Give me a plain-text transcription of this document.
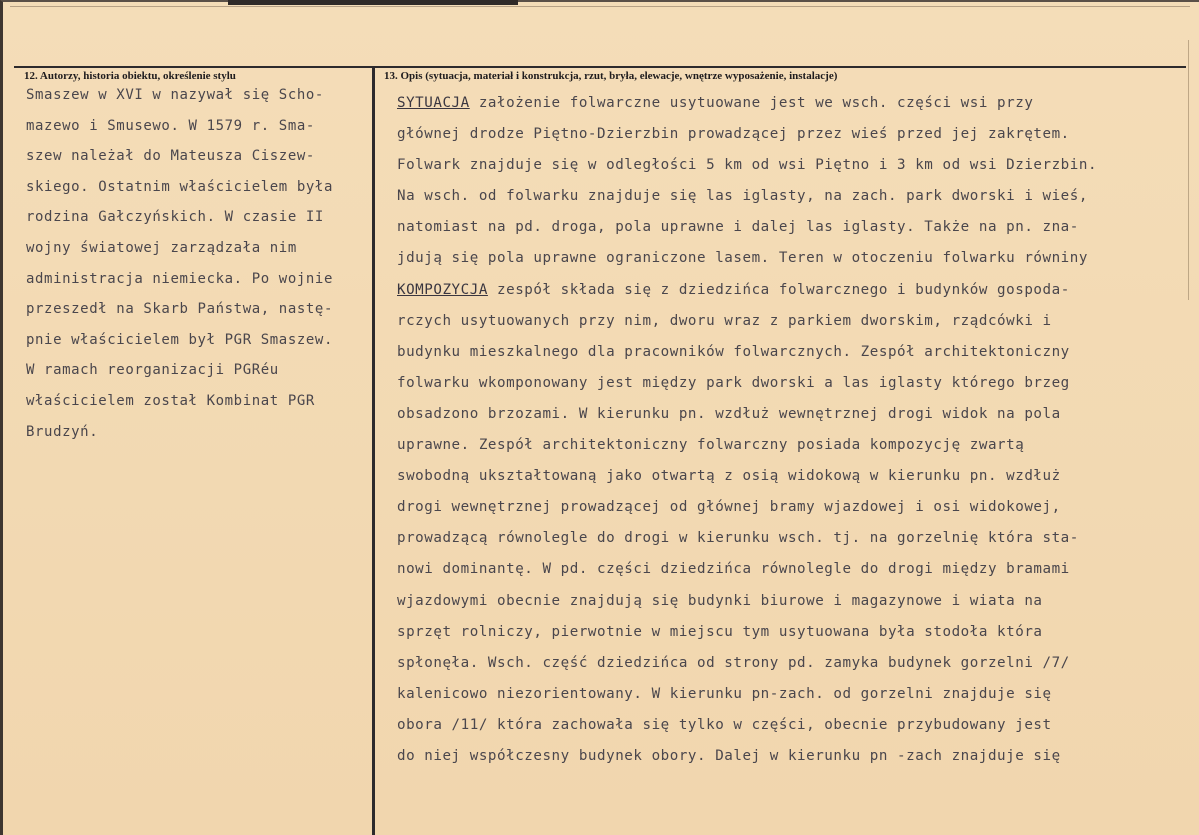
12. Autorzy, historia obiektu, określenie stylu	13. Opis (sytuacja, materiał i konstrukcja, rzut, bryła, elewacje, wnętrze wyposażenie, instalacje)
Smaszew w XVI w nazywał się Scho-
mazewo i Smusewo. W 1579 r. Sma-
szew należał do Mateusza Ciszew-
skiego. Ostatnim właścicielem była
rodzina Gałczyńskich. W czasie II
wojny światowej zarządzała nim
administracja niemiecka. Po wojnie
przeszedł na Skarb Państwa, nastę-
pnie właścicielem był PGR Smaszew.
W ramach reorganizacji PGRéu
właścicielem został Kombinat PGR
Brudzyń.
SYTUACJA założenie folwarczne usytuowane jest we wsch. części wsi przy
głównej drodze Piętno-Dzierzbin prowadzącej przez wieś przed jej zakrętem.
Folwark znajduje się w odległości 5 km od wsi Piętno i 3 km od wsi Dzierzbin.
Na wsch. od folwarku znajduje się las iglasty, na zach. park dworski i wieś,
natomiast na pd. droga, pola uprawne i dalej las iglasty. Także na pn. zna-
jdują się pola uprawne ograniczone lasem. Teren w otoczeniu folwarku równiny
KOMPOZYCJA zespół składa się z dziedzińca folwarcznego i budynków gospoda-
rczych usytuowanych przy nim, dworu wraz z parkiem dworskim, rządcówki i
budynku mieszkalnego dla pracowników folwarcznych. Zespół architektoniczny
folwarku wkomponowany jest między park dworski a las iglasty którego brzeg
obsadzono brzozami. W kierunku pn. wzdłuż wewnętrznej drogi widok na pola
uprawne. Zespół architektoniczny folwarczny posiada kompozycję zwartą
swobodną ukształtowaną jako otwartą z osią widokową w kierunku pn. wzdłuż
drogi wewnętrznej prowadzącej od głównej bramy wjazdowej i osi widokowej,
prowadzącą równolegle do drogi w kierunku wsch. tj. na gorzelnię która sta-
nowi dominantę. W pd. części dziedzińca równolegle do drogi między bramami
wjazdowymi obecnie znajdują się budynki biurowe i magazynowe i wiata na
sprzęt rolniczy, pierwotnie w miejscu tym usytuowana była stodoła która
spłonęła. Wsch. część dziedzińca od strony pd. zamyka budynek gorzelni /7/
kalenicowo niezorientowany. W kierunku pn-zach. od gorzelni znajduje się
obora /11/ która zachowała się tylko w części, obecnie przybudowany jest
do niej współczesny budynek obory. Dalej w kierunku pn -zach znajduje się
